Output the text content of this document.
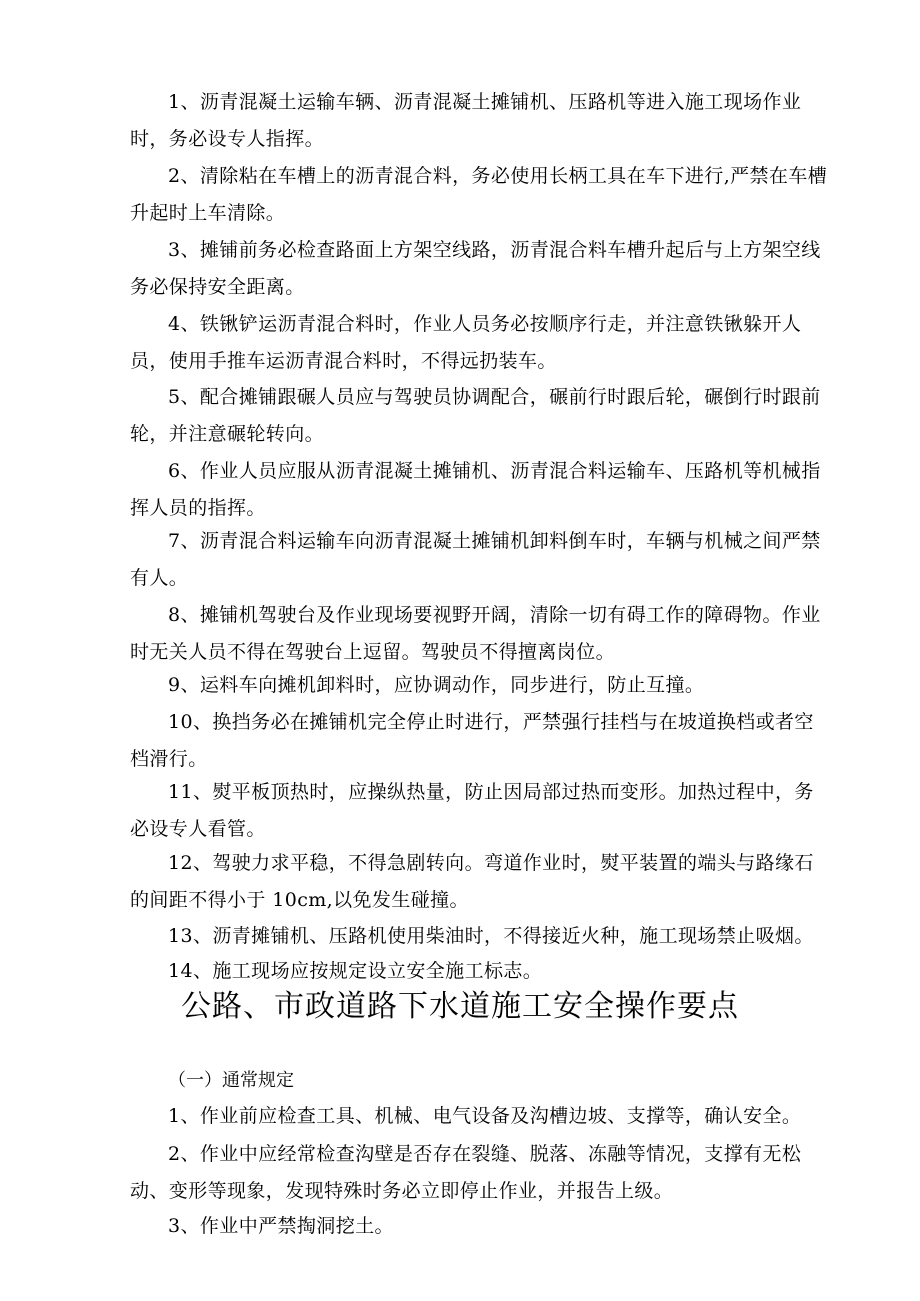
1、沥青混凝土运输车辆、沥青混凝土摊铺机、压路机等进入施工现场作业时，务必设专人指挥。

2、清除粘在车槽上的沥青混合料，务必使用长柄工具在车下进行,严禁在车槽升起时上车清除。

3、摊铺前务必检查路面上方架空线路，沥青混合料车槽升起后与上方架空线务必保持安全距离。

4、铁锹铲运沥青混合料时，作业人员务必按顺序行走，并注意铁锹躲开人员，使用手推车运沥青混合料时，不得远扔装车。

5、配合摊铺跟碾人员应与驾驶员协调配合，碾前行时跟后轮，碾倒行时跟前轮，并注意碾轮转向。

6、作业人员应服从沥青混凝土摊铺机、沥青混合料运输车、压路机等机械指挥人员的指挥。

7、沥青混合料运输车向沥青混凝土摊铺机卸料倒车时，车辆与机械之间严禁有人。

8、摊铺机驾驶台及作业现场要视野开阔，清除一切有碍工作的障碍物。作业时无关人员不得在驾驶台上逗留。驾驶员不得擅离岗位。

9、运料车向摊机卸料时，应协调动作，同步进行，防止互撞。

10、换挡务必在摊铺机完全停止时进行，严禁强行挂档与在坡道换档或者空档滑行。

11、熨平板顶热时，应操纵热量，防止因局部过热而变形。加热过程中，务必设专人看管。

12、驾驶力求平稳，不得急剧转向。弯道作业时，熨平装置的端头与路缘石的间距不得小于 10cm,以免发生碰撞。

13、沥青摊铺机、压路机使用柴油时，不得接近火种，施工现场禁止吸烟。

14、施工现场应按规定设立安全施工标志。

公路、市政道路下水道施工安全操作要点
（一）通常规定

1、作业前应检查工具、机械、电气设备及沟槽边坡、支撑等，确认安全。

2、作业中应经常检查沟壁是否存在裂缝、脱落、冻融等情况，支撑有无松动、变形等现象，发现特殊时务必立即停止作业，并报告上级。

3、作业中严禁掏洞挖土。
